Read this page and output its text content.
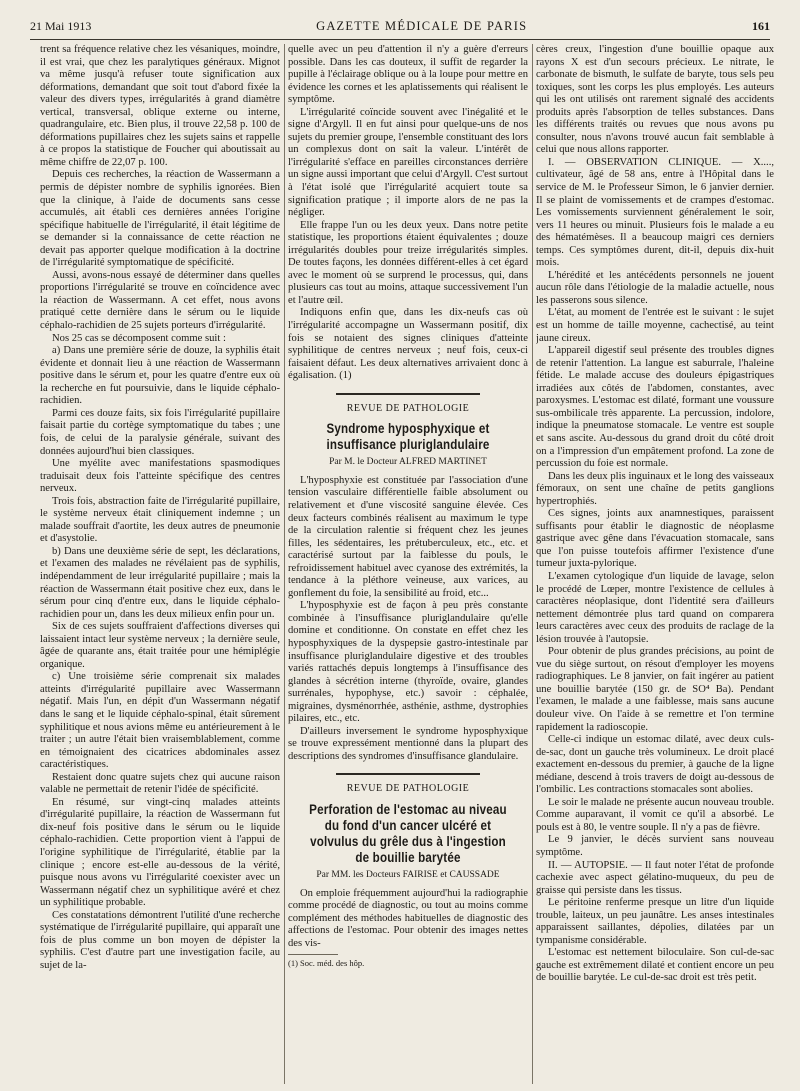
21 Mai 1913	GAZETTE MÉDICALE DE PARIS	161

trent sa fréquence relative chez les vésaniques, moindre, il est vrai, que chez les paralytiques généraux. Mignot va même jusqu'à refuser toute signification aux déformations, demandant que soit tout d'abord fixée la valeur des divers types, irrégularités à grand diamètre vertical, transversal, oblique externe ou interne, quadrangulaire, etc. Bien plus, il trouve 22,58 p. 100 de déformations pupillaires chez les sujets sains et rappelle à ce propos la statistique de Foucher qui aboutissait au même chiffre de 22,07 p. 100.

Depuis ces recherches, la réaction de Wassermann a permis de dépister nombre de syphilis ignorées. Bien que la clinique, à l'aide de documents sans cesse accumulés, ait établi ces dernières années l'origine spécifique habituelle de l'irrégularité, il était légitime de se demander si la connaissance de cette réaction ne devait pas apporter quelque modification à la doctrine de l'irrégularité symptomatique de spécificité.

Aussi, avons-nous essayé de déterminer dans quelles proportions l'irrégularité se trouve en coïncidence avec la réaction de Wassermann. A cet effet, nous avons pratiqué cette dernière dans le sérum ou le liquide céphalo-rachidien de 25 sujets porteurs d'irrégularité.

Nos 25 cas se décomposent comme suit :

a) Dans une première série de douze, la syphilis était évidente et donnait lieu à une réaction de Wassermann positive dans le sérum et, pour les quatre d'entre eux où la recherche en fut poursuivie, dans le liquide céphalo-rachidien.

Parmi ces douze faits, six fois l'irrégularité pupillaire faisait partie du cortège symptomatique du tabes ; une fois, de celui de la paralysie générale, suivant des données aujourd'hui bien classiques.

Une myélite avec manifestations spasmodiques traduisait deux fois l'atteinte spécifique des centres nerveux.

Trois fois, abstraction faite de l'irrégularité pupillaire, le système nerveux était cliniquement indemne ; un malade souffrait d'aortite, les deux autres de pneumonie et d'asystolie.

b) Dans une deuxième série de sept, les déclarations, et l'examen des malades ne révélaient pas de syphilis, indépendamment de leur irrégularité pupillaire ; mais la réaction de Wassermann était positive chez eux, dans le sérum pour cinq d'entre eux, dans le liquide céphalo-rachidien pour un, dans les deux milieux enfin pour un.

Six de ces sujets souffraient d'affections diverses qui laissaient intact leur système nerveux ; la dernière seule, âgée de quarante ans, était traitée pour une hémiplégie organique.

c) Une troisième série comprenait six malades atteints d'irrégularité pupillaire avec Wassermann négatif. Mais l'un, en dépit d'un Wassermann négatif dans le sang et le liquide céphalo-spinal, était sûrement syphilitique et nous avions même eu antérieurement à le traiter ; un autre l'était bien vraisemblablement, comme en témoignaient des cicatrices abdominales assez caractéristiques.

Restaient donc quatre sujets chez qui aucune raison valable ne permettait de retenir l'idée de spécificité.

En résumé, sur vingt-cinq malades atteints d'irrégularité pupillaire, la réaction de Wassermann fut dix-neuf fois positive dans le sérum ou le liquide céphalo-rachidien. Cette proportion vient à l'appui de l'origine syphilitique de l'irrégularité, établie par la clinique ; encore est-elle au-dessous de la vérité, puisque nous avons vu l'irrégularité coexister avec un Wassermann négatif chez un syphilitique avéré et chez un syphilitique probable.

Ces constatations démontrent l'utilité d'une recherche systématique de l'irrégularité pupillaire, qui apparaît une fois de plus comme un bon moyen de dépister la syphilis. C'est d'autre part une investigation facile, au sujet de la-

quelle avec un peu d'attention il n'y a guère d'erreurs possible. Dans les cas douteux, il suffit de regarder la pupille à l'éclairage oblique ou à la loupe pour mettre en évidence les cornes et les aplatissements qui réalisent le symptôme.

L'irrégularité coïncide souvent avec l'inégalité et le signe d'Argyll. Il en fut ainsi pour quelque-uns de nos sujets du premier groupe, l'ensemble constituant des lors un complexus dont on sait la valeur. L'intérêt de l'irrégularité s'efface en pareilles circonstances derrière un signe aussi important que celui d'Argyll. C'est surtout à l'état isolé que l'irrégularité acquiert toute sa signification pratique ; il importe alors de ne pas la négliger.

Elle frappe l'un ou les deux yeux. Dans notre petite statistique, les proportions étaient équivalentes ; douze irrégularités doubles pour treize irrégularités simples. De toutes façons, les données différent-elles à cet égard avec le moment où se surprend le processus, qui, dans plusieurs cas tout au moins, attaque successivement l'un et l'autre œil.

Indiquons enfin que, dans les dix-neufs cas où l'irrégularité accompagne un Wassermann positif, dix fois se notaient des signes cliniques d'atteinte syphilitique de centres nerveux ; neuf fois, ceux-ci faisaient défaut. Les deux alternatives arrivaient donc à égalisation. (1)

REVUE DE PATHOLOGIE
Syndrome hyposphyxique et insuffisance pluriglandulaire
Par M. le Docteur ALFRED MARTINET

L'hyposphyxie est constituée par l'association d'une tension vasculaire différentielle faible absolument ou relativement et d'une viscosité sanguine élevée. Ces deux facteurs combinés réalisent au maximum le type de la circulation ralentie si fréquent chez les jeunes filles, les sédentaires, les prétuberculeux, etc., etc. et caractérisé surtout par la faiblesse du pouls, le refroidissement habituel avec cyanose des extrémités, la tendance à la pléthore veineuse, aux varices, au gonflement du foie, la sensibilité au froid, etc...

L'hyposphyxie est de façon à peu près constante combinée à l'insuffisance pluriglandulaire qu'elle domine et conditionne. On constate en effet chez les hyposphyxiques de la dyspepsie gastro-intestinale par insuffisance pluriglandulaire digestive et des troubles variés rattachés depuis longtemps à l'insuffisance des glandes à sécrétion interne (thyroïde, ovaire, glandes surrénales, hypophyse, etc.) savoir : céphalée, migraines, dysménorrhée, asthénie, asthme, dystrophies pilaires, etc., etc.

D'ailleurs inversement le syndrome hyposphyxique se trouve expressément mentionné dans la plupart des descriptions des syndromes d'insuffisance glandulaire.

REVUE DE PATHOLOGIE
Perforation de l'estomac au niveau du fond d'un cancer ulcéré et volvulus du grêle dus à l'ingestion de bouillie barytée
Par MM. les Docteurs FAIRISE et CAUSSADE

On emploie fréquemment aujourd'hui la radiographie comme procédé de diagnostic, ou tout au moins comme complément des méthodes habituelles de diagnostic des affections de l'estomac. Pour obtenir des images nettes des vis-

(1) Soc. méd. des hôp.

cères creux, l'ingestion d'une bouillie opaque aux rayons X est d'un secours précieux. Le nitrate, le carbonate de bismuth, le sulfate de baryte, tous sels peu toxiques, sont les corps les plus employés. Les auteurs qui les ont utilisés ont rarement signalé des accidents produits après l'absorption de telles substances. Dans les différents traités ou revues que nous avons pu consulter, nous n'avons trouvé aucun fait semblable à celui que nous allons rapporter.

I. — OBSERVATION CLINIQUE. — X...., cultivateur, âgé de 58 ans, entre à l'Hôpital dans le service de M. le Professeur Simon, le 6 janvier dernier. Il se plaint de vomissements et de crampes d'estomac. Les vomissements surviennent généralement le soir, vers 11 heures ou minuit. Plusieurs fois le malade a eu des hématémèses. Il a beaucoup maigri ces derniers temps. Ces symptômes durent, dit-il, depuis dix-huit mois.

L'hérédité et les antécédents personnels ne jouent aucun rôle dans l'étiologie de la maladie actuelle, nous les passerons sous silence.

L'état, au moment de l'entrée est le suivant : le sujet est un homme de taille moyenne, cachectisé, au teint jaune cireux.

L'appareil digestif seul présente des troubles dignes de retenir l'attention. La langue est saburrale, l'haleine fétide. Le malade accuse des douleurs épigastriques irradiées aux côtés de l'abdomen, constantes, avec paroxysmes. L'estomac est dilaté, formant une voussure sus-ombilicale très apparente. La percussion, indolore, indique la pneumatose stomacale. Le ventre est souple et sans ascite. Au-dessous du grand droit du côté droit on a l'impression d'un empâtement profond. La zone de percussion du foie est normale.

Dans les deux plis inguinaux et le long des vaisseaux fémoraux, on sent une chaîne de petits ganglions hypertrophiés.

Ces signes, joints aux anamnestiques, paraissent suffisants pour établir le diagnostic de néoplasme gastrique avec gêne dans l'évacuation stomacale, sans que l'on puisse toutefois affirmer l'existence d'une tumeur juxta-pylorique.

L'examen cytologique d'un liquide de lavage, selon le procédé de Lœper, montre l'existence de cellules à caractères néoplasique, dont l'identité sera d'ailleurs nettement démontrée plus tard quand on comparera leurs caractères avec ceux des produits de raclage de la lésion trouvée à l'autopsie.

Pour obtenir de plus grandes précisions, au point de vue du siège surtout, on résout d'employer les moyens radiographiques. Le 8 janvier, on fait ingérer au patient une bouillie barytée (150 gr. de SO⁴ Ba). Pendant l'examen, le malade a une faiblesse, mais sans aucune douleur vive. On l'aide à se remettre et l'on termine rapidement la radioscopie.

Celle-ci indique un estomac dilaté, avec deux culs-de-sac, dont un gauche très volumineux. Le droit placé exactement en-dessous du premier, à gauche de la ligne médiane, descend à trois travers de doigt au-dessous de l'ombilic. Les contractions stomacales sont abolies.

Le soir le malade ne présente aucun nouveau trouble. Comme auparavant, il vomit ce qu'il a absorbé. Le pouls est à 80, le ventre souple. Il n'y a pas de fièvre.

Le 9 janvier, le décès survient sans nouveau symptôme.

II. — AUTOPSIE. — Il faut noter l'état de profonde cachexie avec aspect gélatino-muqueux, du peu de graisse qui persiste dans les tissus.

Le péritoine renferme presque un litre d'un liquide trouble, laiteux, un peu jaunâtre. Les anses intestinales apparaissent saillantes, dépolies, dilatées par un tympanisme considérable.

L'estomac est nettement biloculaire. Son cul-de-sac gauche est extrêmement dilaté et contient encore un peu de bouillie barytée. Le cul-de-sac droit est très petit.
